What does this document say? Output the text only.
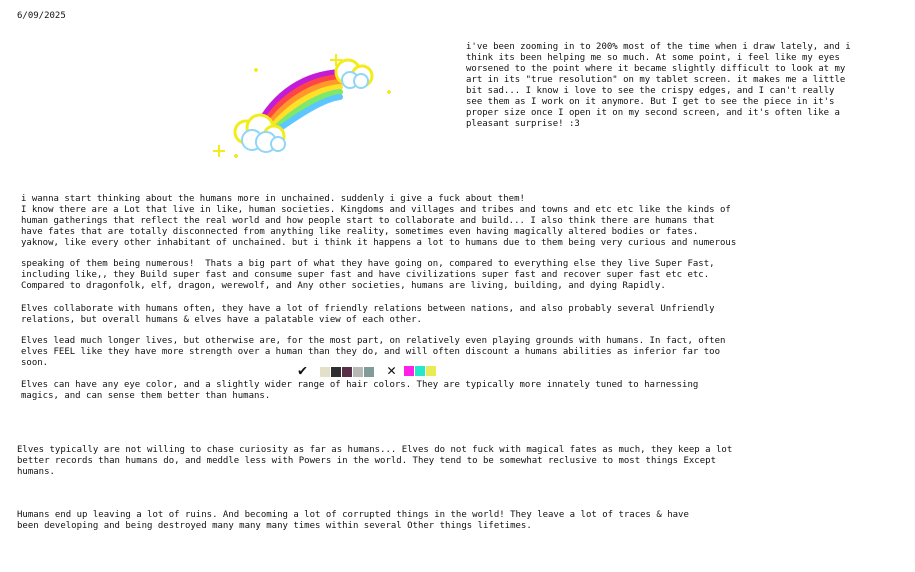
6/09/2025
i've been zooming in to 200% most of the time when i draw lately, and i
think its been helping me so much. At some point, i feel like my eyes
worsened to the point where it became slightly difficult to look at my
art in its "true resolution" on my tablet screen. it makes me a little
bit sad... I know i love to see the crispy edges, and I can't really
see them as I work on it anymore. But I get to see the piece in it's
proper size once I open it on my second screen, and it's often like a
pleasant surprise! :3
i wanna start thinking about the humans more in unchained. suddenly i give a fuck about them!
I know there are a Lot that live in like, human societies. Kingdoms and villages and tribes and towns and etc etc like the kinds of
human gatherings that reflect the real world and how people start to collaborate and build... I also think there are humans that
have fates that are totally disconnected from anything like reality, sometimes even having magically altered bodies or fates.
yaknow, like every other inhabitant of unchained. but i think it happens a lot to humans due to them being very curious and numerous
speaking of them being numerous!  Thats a big part of what they have going on, compared to everything else they live Super Fast,
including like,, they Build super fast and consume super fast and have civilizations super fast and recover super fast etc etc.
Compared to dragonfolk, elf, dragon, werewolf, and Any other societies, humans are living, building, and dying Rapidly.
Elves collaborate with humans often, they have a lot of friendly relations between nations, and also probably several Unfriendly
relations, but overall humans & elves have a palatable view of each other.
Elves lead much longer lives, but otherwise are, for the most part, on relatively even playing grounds with humans. In fact, often
elves FEEL like they have more strength over a human than they do, and will often discount a humans abilities as inferior far too
soon.	✔	✕
Elves can have any eye color, and a slightly wider range of hair colors. They are typically more innately tuned to harnessing
magics, and can sense them better than humans.
Elves typically are not willing to chase curiosity as far as humans... Elves do not fuck with magical fates as much, they keep a lot
better records than humans do, and meddle less with Powers in the world. They tend to be somewhat reclusive to most things Except
humans.
Humans end up leaving a lot of ruins. And becoming a lot of corrupted things in the world! They leave a lot of traces & have
been developing and being destroyed many many many times within several Other things lifetimes.
